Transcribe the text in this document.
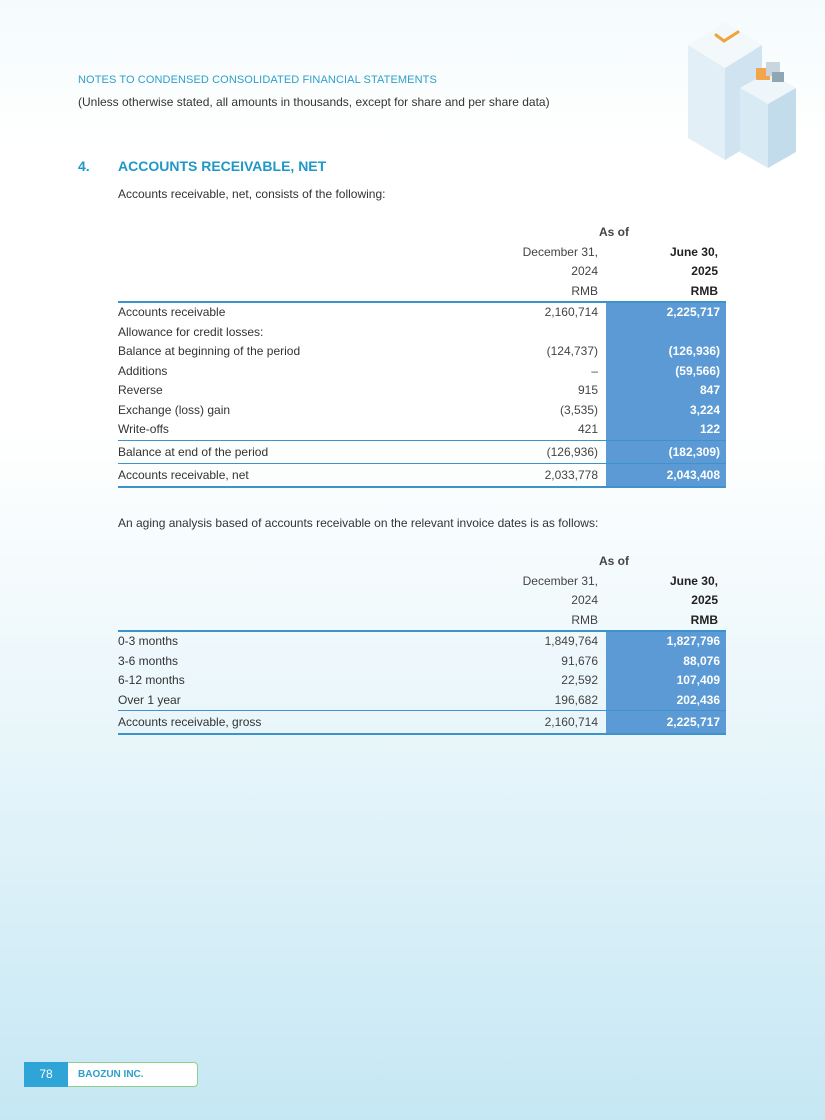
NOTES TO CONDENSED CONSOLIDATED FINANCIAL STATEMENTS
(Unless otherwise stated, all amounts in thousands, except for share and per share data)
4. ACCOUNTS RECEIVABLE, NET
Accounts receivable, net, consists of the following:
	As of	
	December 31,	June 30,
	2024	2025
	RMB	RMB
Accounts receivable	2,160,714	2,225,717
Allowance for credit losses:		
Balance at beginning of the period	(124,737)	(126,936)
Additions	–	(59,566)
Reverse	915	847
Exchange (loss) gain	(3,535)	3,224
Write-offs	421	122
Balance at end of the period	(126,936)	(182,309)
Accounts receivable, net	2,033,778	2,043,408
An aging analysis based of accounts receivable on the relevant invoice dates is as follows:
	As of	
	December 31,	June 30,
	2024	2025
	RMB	RMB
0-3 months	1,849,764	1,827,796
3-6 months	91,676	88,076
6-12 months	22,592	107,409
Over 1 year	196,682	202,436
Accounts receivable, gross	2,160,714	2,225,717
78	BAOZUN INC.
